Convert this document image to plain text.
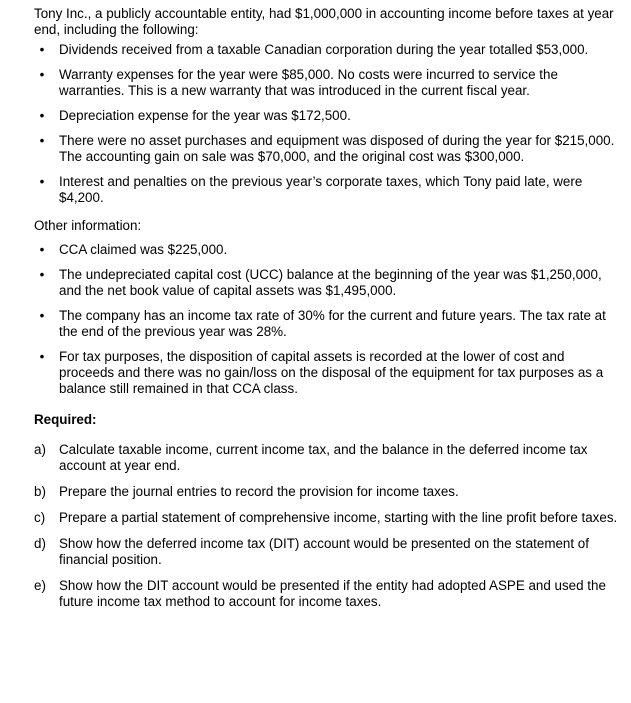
Tony Inc., a publicly accountable entity, had $1,000,000 in accounting income before taxes at year end, including the following:

• Dividends received from a taxable Canadian corporation during the year totalled $53,000.
• Warranty expenses for the year were $85,000. No costs were incurred to service the warranties. This is a new warranty that was introduced in the current fiscal year.
• Depreciation expense for the year was $172,500.
• There were no asset purchases and equipment was disposed of during the year for $215,000. The accounting gain on sale was $70,000, and the original cost was $300,000.
• Interest and penalties on the previous year’s corporate taxes, which Tony paid late, were $4,200.

Other information:

• CCA claimed was $225,000.
• The undepreciated capital cost (UCC) balance at the beginning of the year was $1,250,000, and the net book value of capital assets was $1,495,000.
• The company has an income tax rate of 30% for the current and future years. The tax rate at the end of the previous year was 28%.
• For tax purposes, the disposition of capital assets is recorded at the lower of cost and proceeds and there was no gain/loss on the disposal of the equipment for tax purposes as a balance still remained in that CCA class.

Required:

a) Calculate taxable income, current income tax, and the balance in the deferred income tax account at year end.
b) Prepare the journal entries to record the provision for income taxes.
c) Prepare a partial statement of comprehensive income, starting with the line profit before taxes.
d) Show how the deferred income tax (DIT) account would be presented on the statement of financial position.
e) Show how the DIT account would be presented if the entity had adopted ASPE and used the future income tax method to account for income taxes.
